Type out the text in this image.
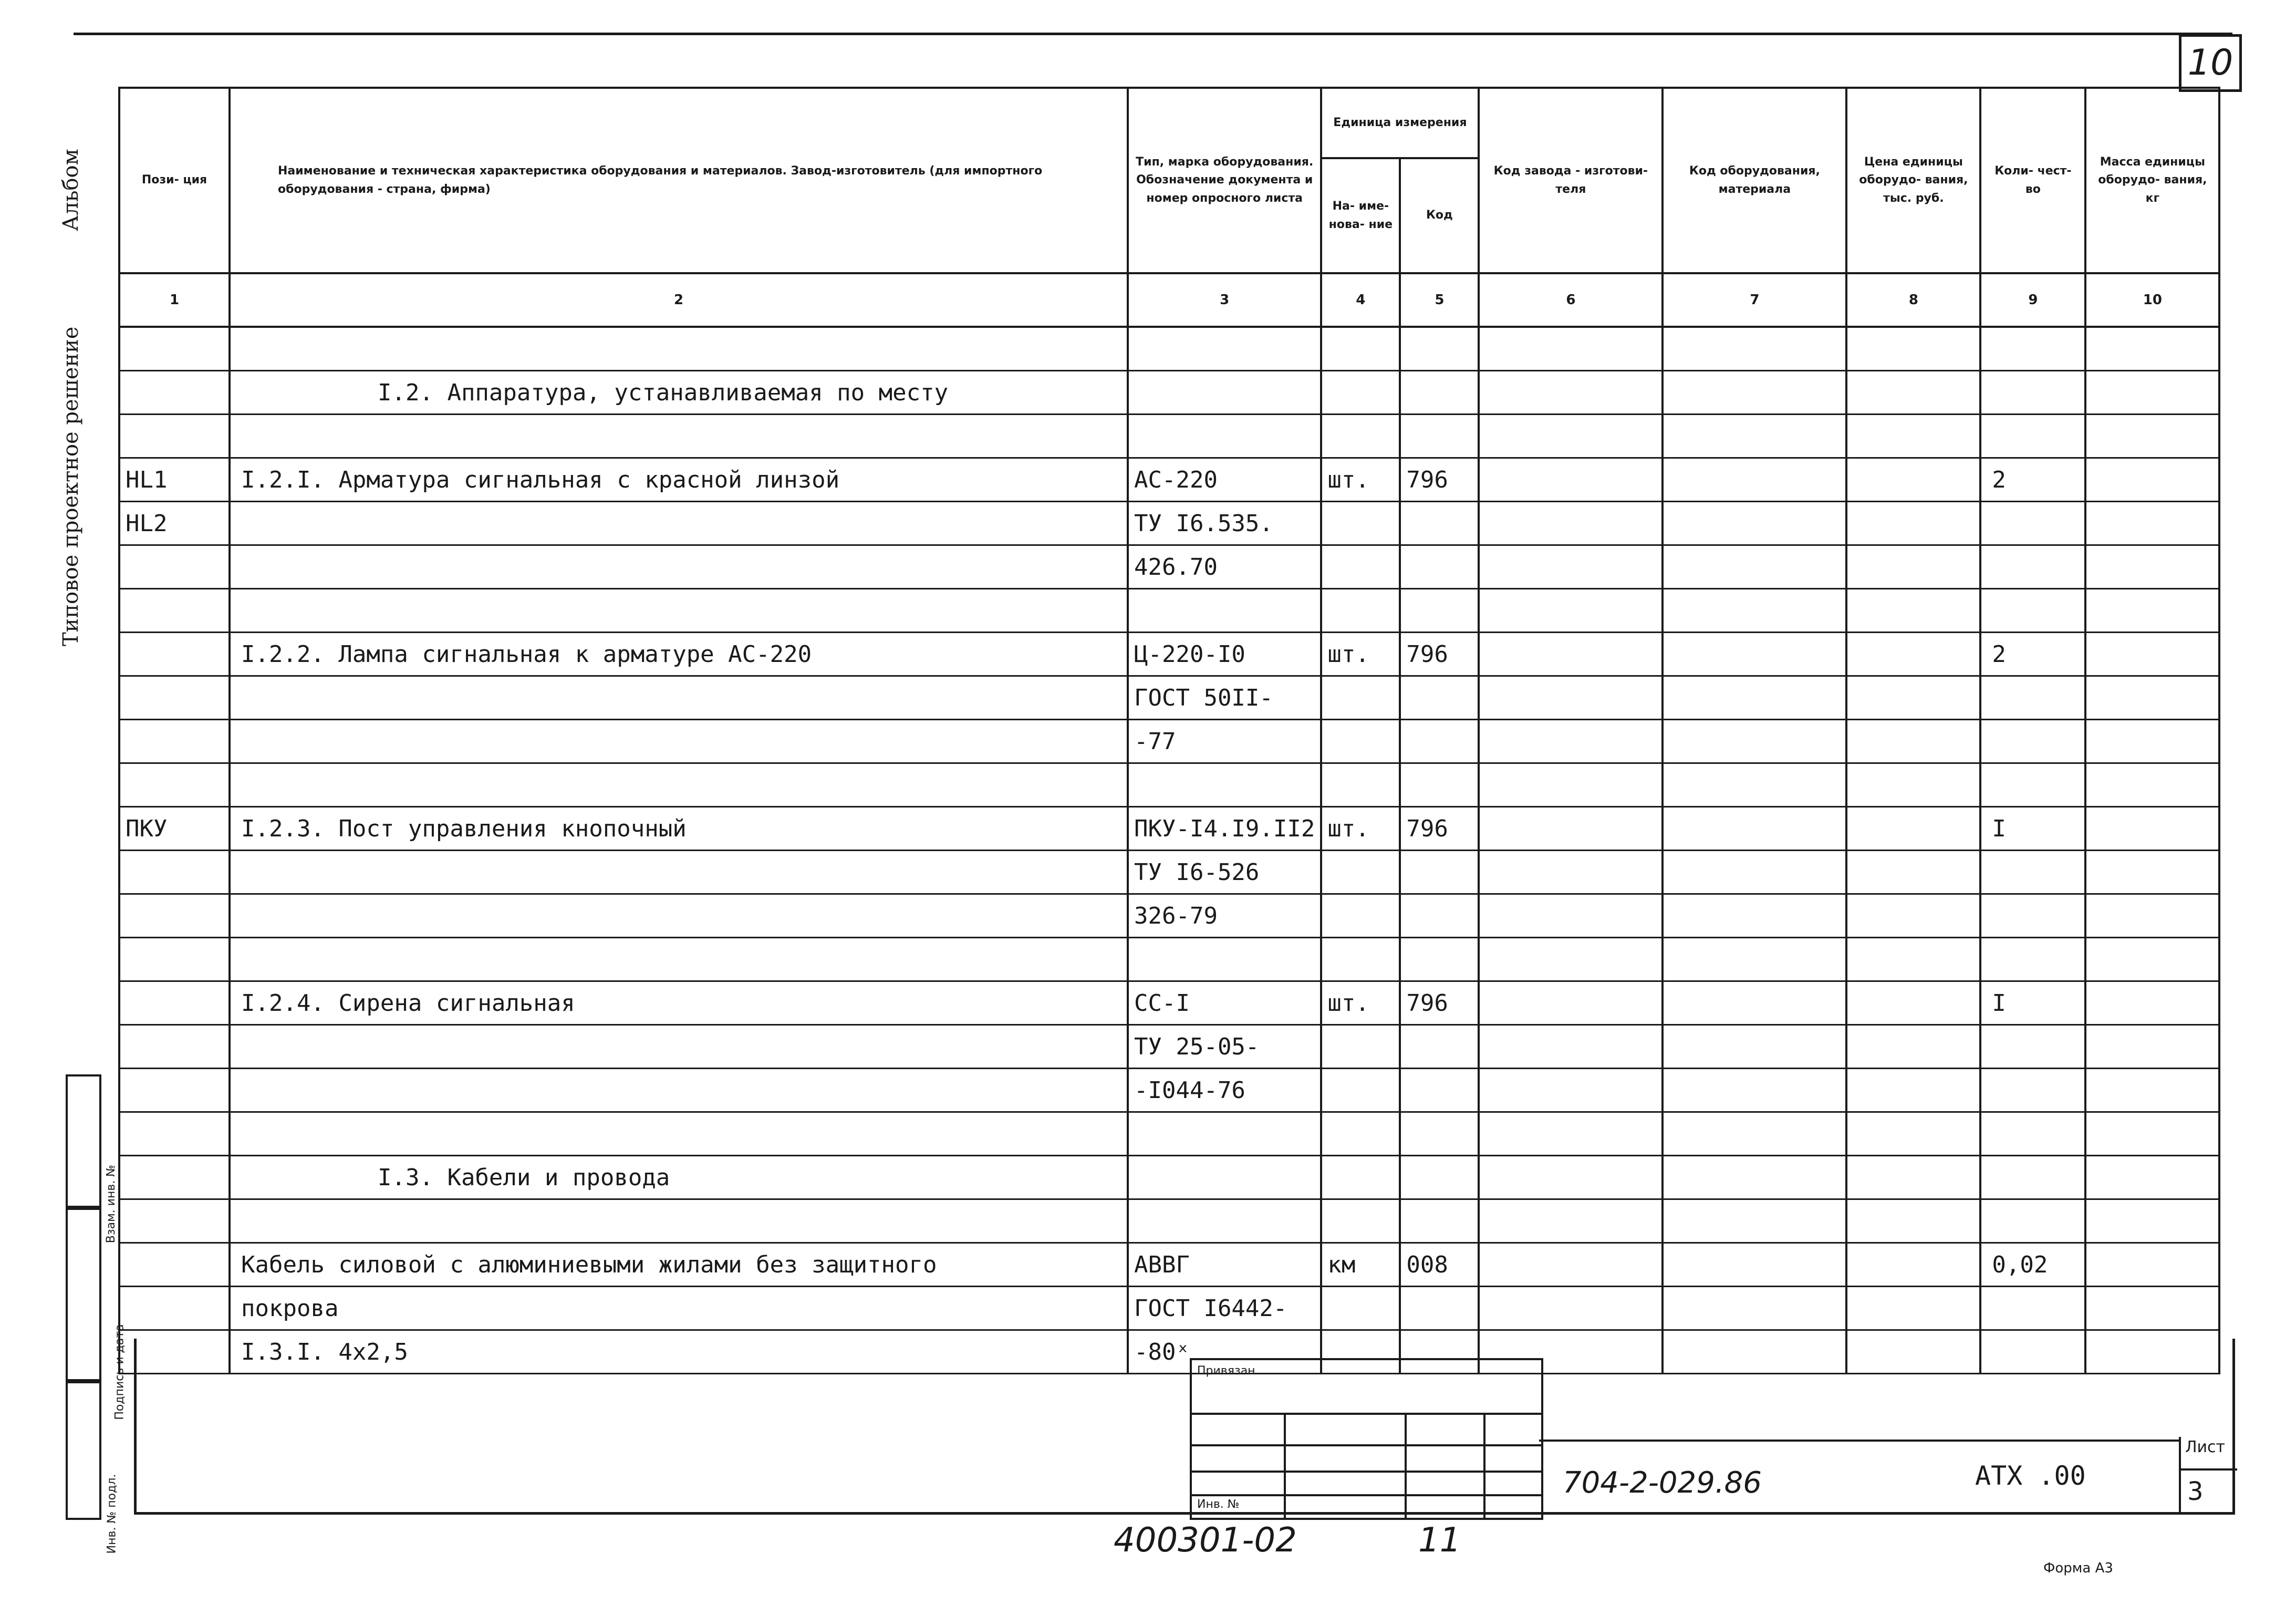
10
Альбом
Типовое проектное решение
Взам. инв. №
Подпись и дата
Инв. № подл.
Пози- ция	Наименование и техническая характеристика оборудования и материалов. Завод-изготовитель (для импортного оборудования - страна, фирма)	Тип, марка оборудования. Обозначение документа и номер опросного листа	Единица измерения		Код завода - изготови- теля	Код оборудования, материала	Цена единицы оборудо- вания, тыс. руб.	Коли- чест- во	Масса единицы оборудо- вания, кг
			На- име- нова- ние	Код					
1	2	3	4	5	6	7	8	9	10

	I.2. Аппаратура, устанавливаемая по месту								

HL1	I.2.I. Арматура сигнальная с красной линзой	АС-220	шт.	796				2	
HL2		ТУ I6.535.							
		426.70							

	I.2.2. Лампа сигнальная к арматуре АС-220	Ц-220-I0	шт.	796				2	
		ГОСТ 50II-							
		-77							

ПКУ	I.2.3. Пост управления кнопочный	ПКУ-I4.I9.II2	шт.	796				I	
		ТУ I6-526							
		326-79							

	I.2.4. Сирена сигнальная	СС-I	шт.	796				I	
		ТУ 25-05-							
		-I044-76							

	I.3. Кабели и провода								

	Кабель силовой с алюминиевыми жилами без защитного	АВВГ	км	008				0,02	
	покрова	ГОСТ I6442-							
	I.3.I. 4x2,5	-80ˣ							
Привязан
Инв. №
704-2-029.86	АТХ .00
Лист
3
400301-02	11
Форма А3
